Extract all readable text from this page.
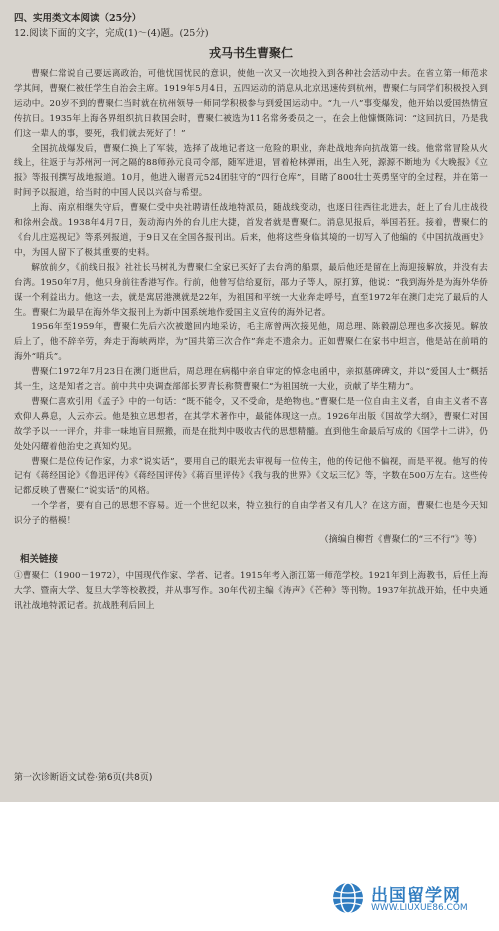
四、实用类文本阅读（25分）
12.阅读下面的文字，完成(1)～(4)题。(25分)
戎马书生曹聚仁

曹聚仁常说自己要远离政治，可他忧国忧民的意识，使他一次又一次地投入到各种社会活动中去。在省立第一师范求学其间，曹聚仁被任学生自治会主席。1919年5月4日，五四运动的消息从北京迅速传到杭州，曹聚仁与同学们积极投入到运动中。20岁不到的曹聚仁当时就在杭州领导一师同学积极参与到爱国运动中。“九一八”事变爆发，他开始以爱国热情宣传抗日。1935年上海各界组织抗日救国会时，曹聚仁被选为11名常务委员之一，在会上他慷慨陈词：“这回抗日，乃是我们这一辈人的事，要死，我们就去死好了！”

全国抗战爆发后，曹聚仁换上了军装，选择了战地记者这一危险的职业，奔赴战地奔向抗战第一线。他常常冒险从火线上，往返于与苏州河一河之隔的88师孙元良司令部，随军进退，冒着枪林弹雨，出生入死，源源不断地为《大晚报》《立报》等报刊撰写战地报道。10月，他进入谢晋元524团驻守的“四行仓库”，目睹了800壮士英勇坚守的全过程，并在第一时间予以报道，给当时的中国人民以兴奋与希望。

上海、南京相继失守后，曹聚仁受中央社聘请任战地特派员，随战线变动，也逐日往西往北进去，赶上了台儿庄战役和徐州会战。1938年4月7日，轰动海内外的台儿庄大捷，首发者就是曹聚仁。消息见报后，举国若狂。接着，曹聚仁的《台儿庄巡视记》等系列报道，于9日又在全国各报刊出。后来，他将这些身临其境的一切写入了他编的《中国抗战画史》中，为国人留下了极其重要的史料。

解放前夕，《前线日报》社社长马树礼为曹聚仁全家已买好了去台湾的船票，最后他还是留在上海迎接解放，并没有去台湾。1950年7月，他只身前往香港写作。行前，他曾写信给夏衍，邵力子等人，原打算，他说：“我到海外是为海外华侨谋一个利益出力。他这一去，就是寓居港澳就是22年，为祖国和平统一大业奔走呼号，直至1972年在澳门走完了最后的人生。曹聚仁为最早在海外华文报刊上为新中国系统地作爱国主义宣传的海外记者。

1956年至1959年，曹聚仁先后六次被邀回内地采访，毛主席曾两次接见他，周总理、陈毅副总理也多次接见。解放后上了，他不辞辛劳，奔走于海峡两岸，为“国共第三次合作”奔走不遗余力。正如曹聚仁在家书中坦言，他是站在前哨的海外“哨兵”。

曹聚仁1972年7月23日在澳门逝世后，周总理在病榻中亲自审定的悼念电函中，亲拟墓碑碑文，并以“爱国人士”概括其一生，这是知者之言。前中共中央调查部部长罗青长称赞曹聚仁“为祖国统一大业，贡献了毕生精力”。

曹聚仁喜欢引用《孟子》中的一句话：“既不能令，又不受命，是绝物也。”曹聚仁是一位自由主义者，自由主义者不喜欢仰人鼻息，人云亦云。他是独立思想者，在其学术著作中，最能体现这一点。1926年出版《国故学大纲》，曹聚仁对国故学予以一一评介，并非一味地盲目照搬，而是在批判中吸收古代的思想精髓。直到他生命最后写成的《国学十二讲》，仍处处闪耀着他治史之真知灼见。

曹聚仁是位传记作家，力求“说实话”，要用自己的眼光去审视每一位传主，他的传记他不偏视，而是平视。他写的传记有《蒋经国论》《鲁迅评传》《蒋经国评传》《蒋百里评传》《我与我的世界》《文坛三忆》等，字数在500万左右。这些传记都反映了曹聚仁“说实话”的风格。

一个学者，要有自己的思想不容易。近一个世纪以来，特立独行的自由学者又有几人？在这方面，曹聚仁也是今天知识分子的楷模！

（摘编自柳哲《曹聚仁的“三不行”》等）
相关链接

①曹聚仁（1900－1972），中国现代作家、学者、记者。1915年考入浙江第一师范学校。1921年到上海教书，后任上海大学、暨南大学、复旦大学等校教授，并从事写作。30年代初主编《涛声》《芒种》等刊物。1937年抗战开始，任中央通讯社战地特派记者。抗战胜利后回上

第一次诊断语文试卷·第6页(共8页)
出国留学网
WWW.LIUXUE86.COM
